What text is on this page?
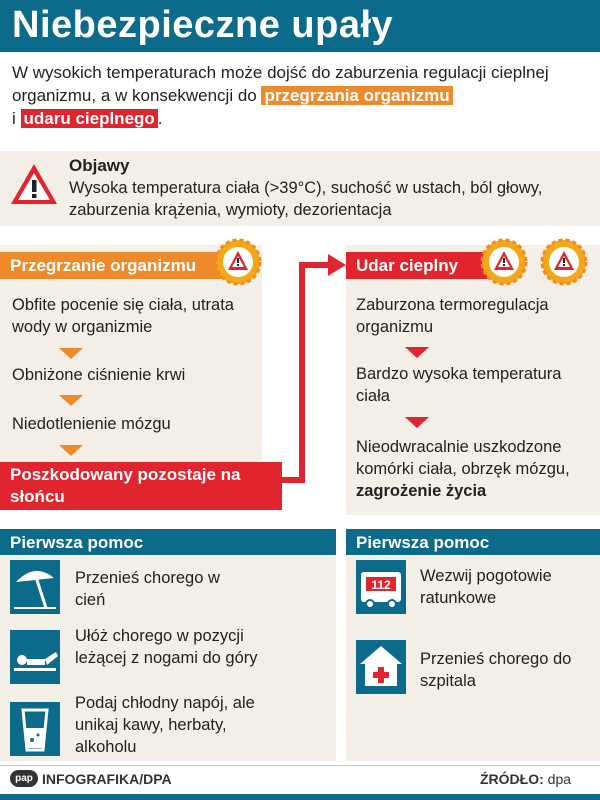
Niebezpieczne upały
W wysokich temperaturach może dojść do zaburzenia regulacji cieplnej organizmu, a w konsekwencji do przegrzania organizmu
i udaru cieplnego .
Objawy
Wysoka temperatura ciała (>39°C), suchość w ustach, ból głowy, zaburzenia krążenia, wymioty, dezorientacja
Przegrzanie organizmu
Obfite pocenie się ciała, utrata wody w organizmie
Obniżone ciśnienie krwi
Niedotlenienie mózgu
Poszkodowany pozostaje na słońcu
Udar cieplny
Zaburzona termoregulacja organizmu
Bardzo wysoka temperatura ciała
Nieodwracalnie uszkodzone komórki ciała, obrzęk mózgu, zagrożenie życia
Pierwsza pomoc
Przenieś chorego w cień
Ułóż chorego w pozycji leżącej z nogami do góry
Podaj chłodny napój, ale unikaj kawy, herbaty, alkoholu
Pierwsza pomoc
112 Wezwij pogotowie ratunkowe
Przenieś chorego do szpitala
pap INFOGRAFIKA/DPA	ŹRÓDŁO: dpa
